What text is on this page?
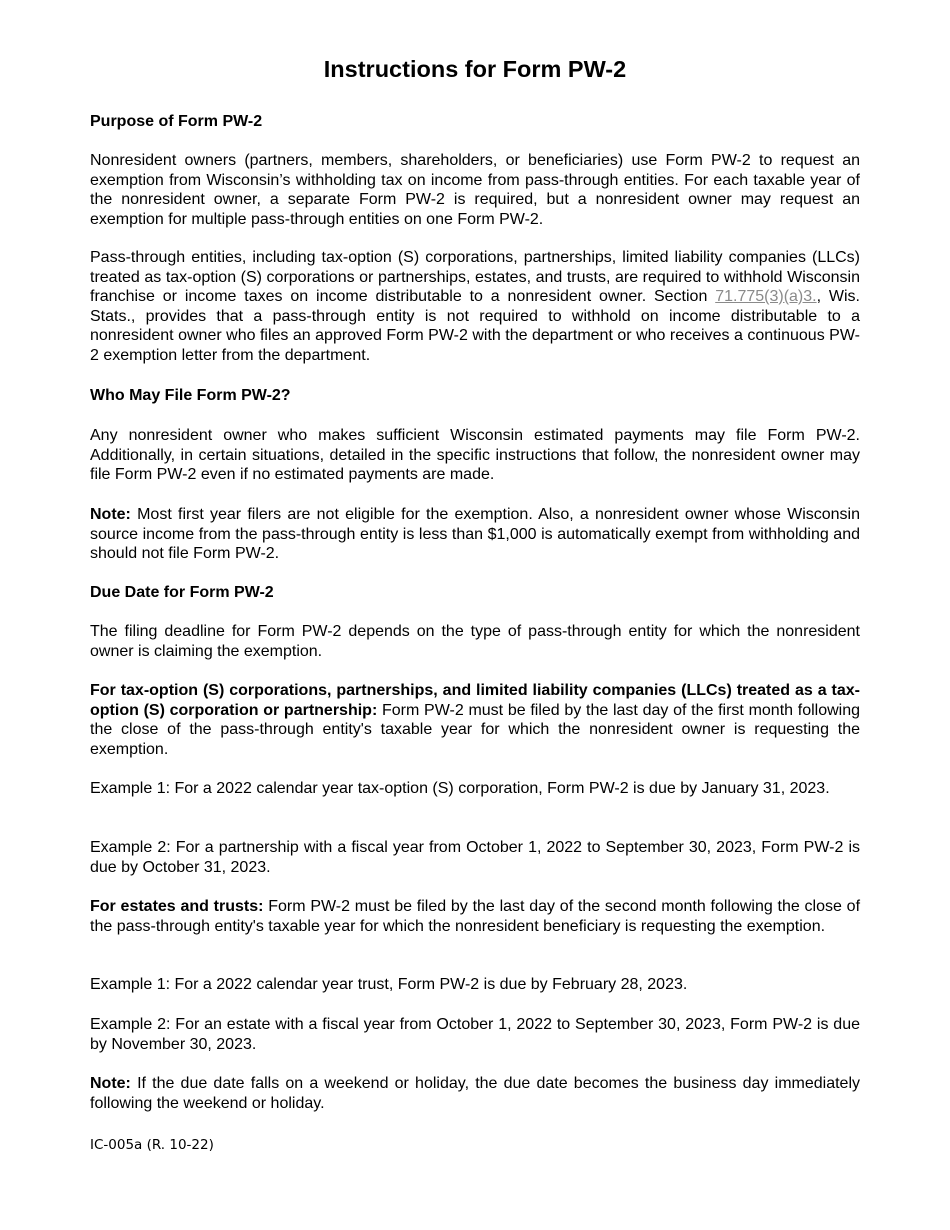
Instructions for Form PW-2
Purpose of Form PW-2

Nonresident owners (partners, members, shareholders, or beneficiaries) use Form PW-2 to request an exemption from Wisconsin’s withholding tax on income from pass-through entities. For each taxable year of the nonresident owner, a separate Form PW-2 is required, but a nonresident owner may request an exemption for multiple pass-through entities on one Form PW-2.

Pass-through entities, including tax-option (S) corporations, partnerships, limited liability companies (LLCs) treated as tax-option (S) corporations or partnerships, estates, and trusts, are required to withhold Wisconsin franchise or income taxes on income distributable to a nonresident owner. Section 71.775(3)(a)3., Wis. Stats., provides that a pass-through entity is not required to withhold on income distributable to a nonresident owner who files an approved Form PW-2 with the department or who receives a continuous PW-2 exemption letter from the department.

Who May File Form PW-2?

Any nonresident owner who makes sufficient Wisconsin estimated payments may file Form PW-2. Additionally, in certain situations, detailed in the specific instructions that follow, the nonresident owner may file Form PW-2 even if no estimated payments are made.

Note: Most first year filers are not eligible for the exemption. Also, a nonresident owner whose Wisconsin source income from the pass-through entity is less than $1,000 is automatically exempt from withholding and should not file Form PW-2.

Due Date for Form PW-2

The filing deadline for Form PW-2 depends on the type of pass-through entity for which the nonresident owner is claiming the exemption.

For tax-option (S) corporations, partnerships, and limited liability companies (LLCs) treated as a tax-option (S) corporation or partnership: Form PW-2 must be filed by the last day of the first month following the close of the pass-through entity's taxable year for which the nonresident owner is requesting the exemption.

Example 1: For a 2022 calendar year tax-option (S) corporation, Form PW-2 is due by January 31, 2023.

Example 2: For a partnership with a fiscal year from October 1, 2022 to September 30, 2023, Form PW-2 is due by October 31, 2023.

For estates and trusts: Form PW-2 must be filed by the last day of the second month following the close of the pass-through entity's taxable year for which the nonresident beneficiary is requesting the exemption.

Example 1: For a 2022 calendar year trust, Form PW-2 is due by February 28, 2023.

Example 2: For an estate with a fiscal year from October 1, 2022 to September 30, 2023, Form PW-2 is due by November 30, 2023.

Note: If the due date falls on a weekend or holiday, the due date becomes the business day immediately following the weekend or holiday.

IC-005a (R. 10-22)
